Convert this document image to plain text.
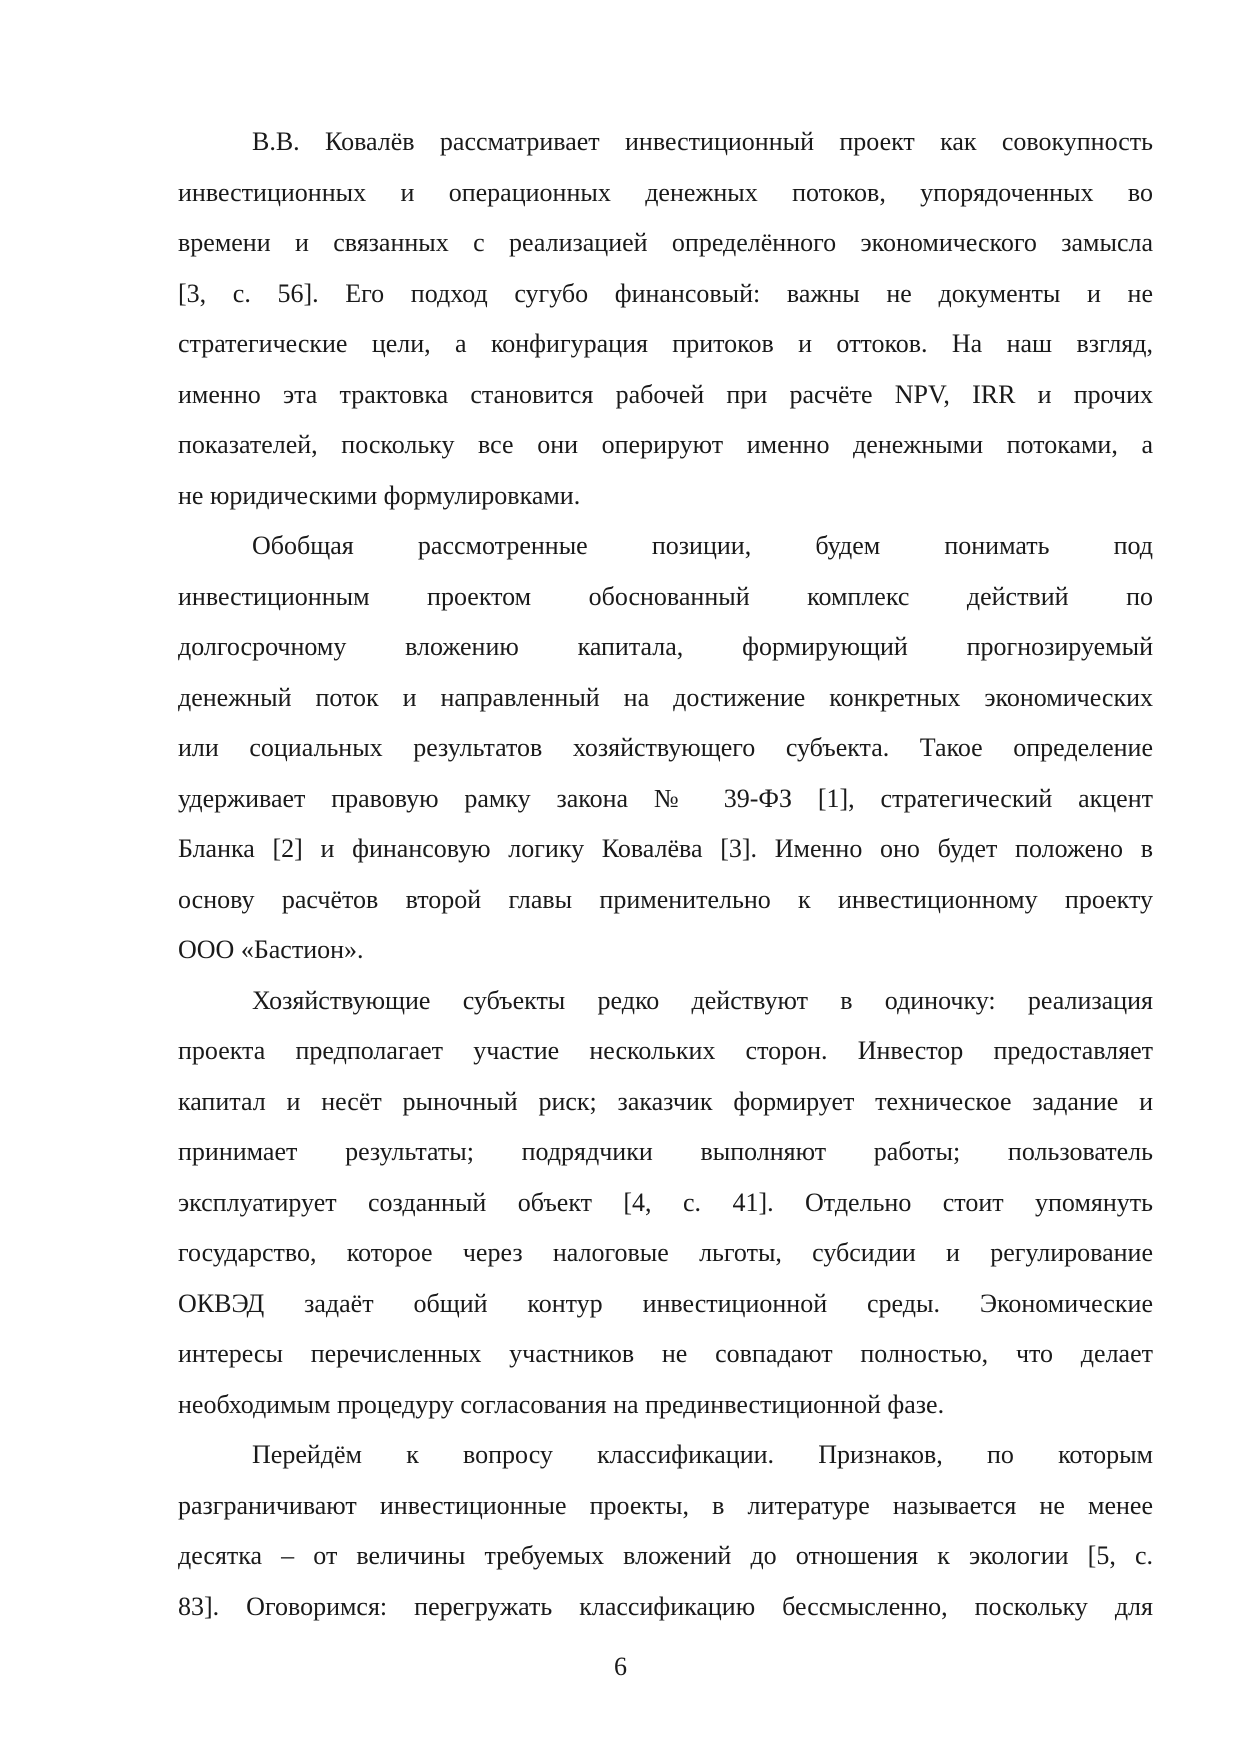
В.В. Ковалёв рассматривает инвестиционный проект как совокупность
инвестиционных и операционных денежных потоков, упорядоченных во
времени и связанных с реализацией определённого экономического замысла
[3, с. 56]. Его подход сугубо финансовый: важны не документы и не
стратегические цели, а конфигурация притоков и оттоков. На наш взгляд,
именно эта трактовка становится рабочей при расчёте NPV, IRR и прочих
показателей, поскольку все они оперируют именно денежными потоками, а
не юридическими формулировками.
Обобщая рассмотренные позиции, будем понимать под
инвестиционным проектом обоснованный комплекс действий по
долгосрочному вложению капитала, формирующий прогнозируемый
денежный поток и направленный на достижение конкретных экономических
или социальных результатов хозяйствующего субъекта. Такое определение
удерживает правовую рамку закона № 39-ФЗ [1], стратегический акцент
Бланка [2] и финансовую логику Ковалёва [3]. Именно оно будет положено в
основу расчётов второй главы применительно к инвестиционному проекту
ООО «Бастион».
Хозяйствующие субъекты редко действуют в одиночку: реализация
проекта предполагает участие нескольких сторон. Инвестор предоставляет
капитал и несёт рыночный риск; заказчик формирует техническое задание и
принимает результаты; подрядчики выполняют работы; пользователь
эксплуатирует созданный объект [4, с. 41]. Отдельно стоит упомянуть
государство, которое через налоговые льготы, субсидии и регулирование
ОКВЭД задаёт общий контур инвестиционной среды. Экономические
интересы перечисленных участников не совпадают полностью, что делает
необходимым процедуру согласования на прединвестиционной фазе.
Перейдём к вопросу классификации. Признаков, по которым
разграничивают инвестиционные проекты, в литературе называется не менее
десятка – от величины требуемых вложений до отношения к экологии [5, с.
83]. Оговоримся: перегружать классификацию бессмысленно, поскольку для
6
